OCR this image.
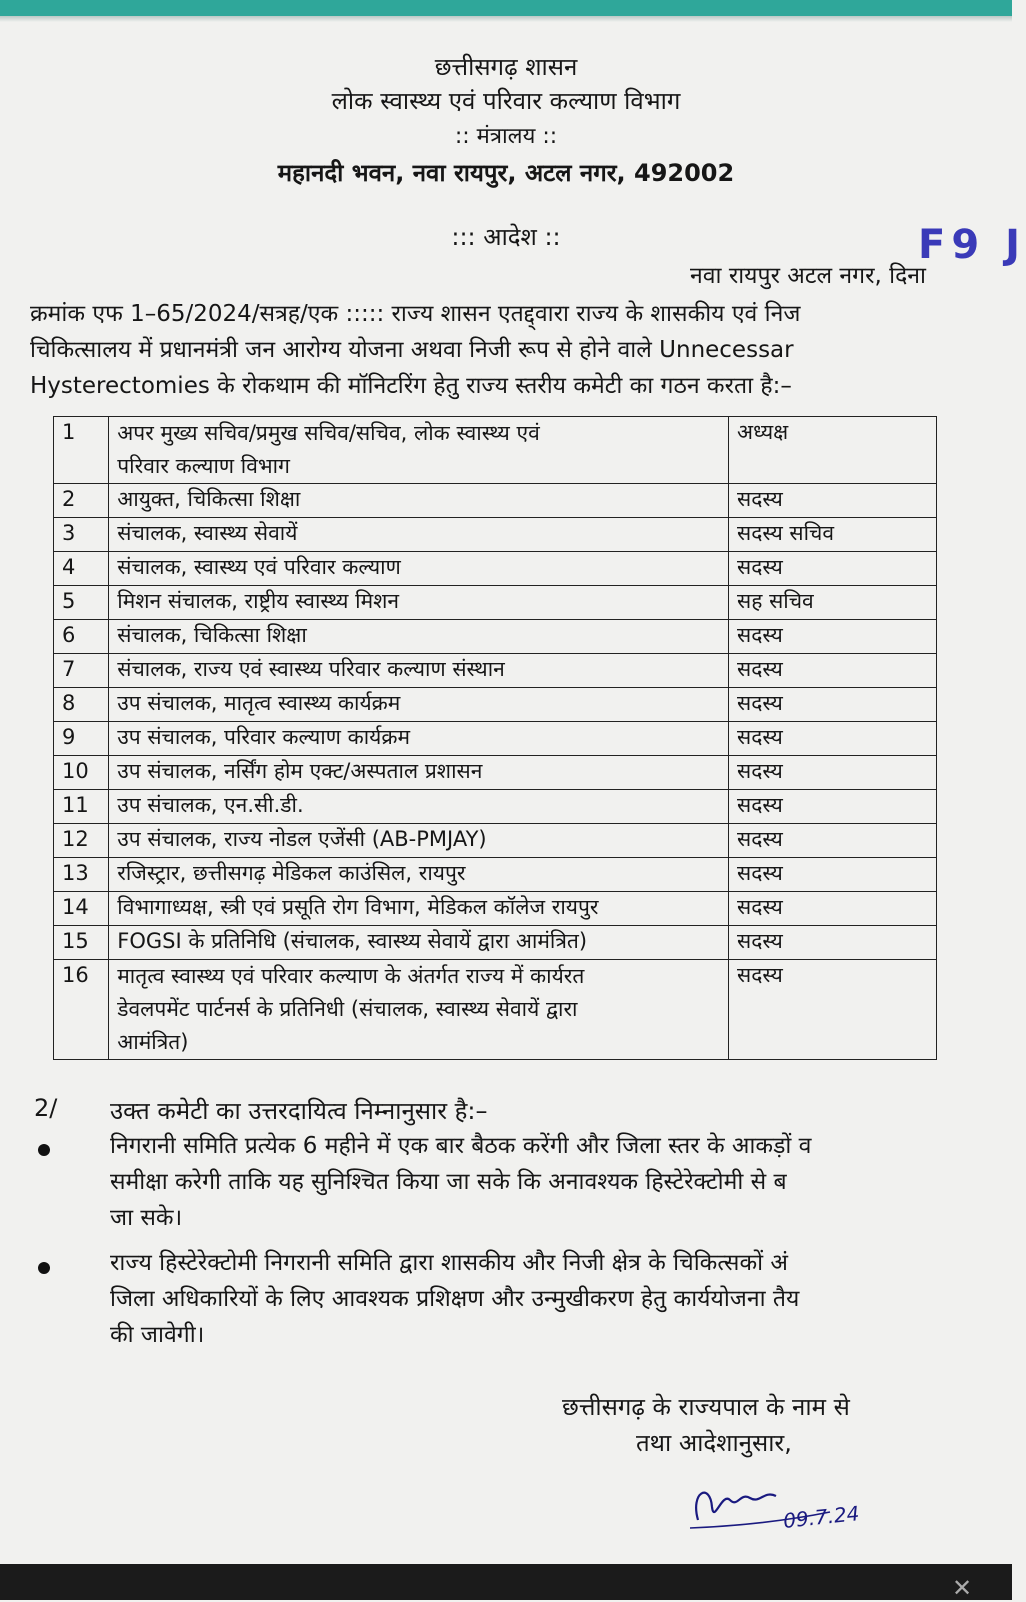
छत्तीसगढ़ शासन
लोक स्वास्थ्य एवं परिवार कल्याण विभाग
:: मंत्रालय ::
महानदी भवन, नवा रायपुर, अटल नगर, 492002
::: आदेश ::	F9 J
नवा रायपुर अटल नगर, दिना
क्रमांक एफ 1–65/2024/सत्रह/एक ::::: राज्य शासन एतद्द्वारा राज्य के शासकीय एवं निज
चिकित्सालय में प्रधानमंत्री जन आरोग्य योजना अथवा निजी रूप से होने वाले Unnecessar
Hysterectomies के रोकथाम की मॉनिटरिंग हेतु राज्य स्तरीय कमेटी का गठन करता है:–
1	अपर मुख्य सचिव/प्रमुख सचिव/सचिव, लोक स्वास्थ्य एवं
परिवार कल्याण विभाग	अध्यक्ष
2	आयुक्त, चिकित्सा शिक्षा	सदस्य
3	संचालक, स्वास्थ्य सेवायें	सदस्य सचिव
4	संचालक, स्वास्थ्य एवं परिवार कल्याण	सदस्य
5	मिशन संचालक, राष्ट्रीय स्वास्थ्य मिशन	सह सचिव
6	संचालक, चिकित्सा शिक्षा	सदस्य
7	संचालक, राज्य एवं स्वास्थ्य परिवार कल्याण संस्थान	सदस्य
8	उप संचालक, मातृत्व स्वास्थ्य कार्यक्रम	सदस्य
9	उप संचालक, परिवार कल्याण कार्यक्रम	सदस्य
10	उप संचालक, नर्सिंग होम एक्ट/अस्पताल प्रशासन	सदस्य
11	उप संचालक, एन.सी.डी.	सदस्य
12	उप संचालक, राज्य नोडल एजेंसी (AB-PMJAY)	सदस्य
13	रजिस्ट्रार, छत्तीसगढ़ मेडिकल काउंसिल, रायपुर	सदस्य
14	विभागाध्यक्ष, स्त्री एवं प्रसूति रोग विभाग, मेडिकल कॉलेज रायपुर	सदस्य
15	FOGSI के प्रतिनिधि (संचालक, स्वास्थ्य सेवायें द्वारा आमंत्रित)	सदस्य
16	मातृत्व स्वास्थ्य एवं परिवार कल्याण के अंतर्गत राज्य में कार्यरत
डेवलपमेंट पार्टनर्स के प्रतिनिधी (संचालक, स्वास्थ्य सेवायें द्वारा
आमंत्रित)	सदस्य
2/ उक्त कमेटी का उत्तरदायित्व निम्नानुसार है:–
निगरानी समिति प्रत्येक 6 महीने में एक बार बैठक करेंगी और जिला स्तर के आकड़ों व
समीक्षा करेगी ताकि यह सुनिश्चित किया जा सके कि अनावश्यक हिस्टेरेक्टोमी से ब
जा सके।
राज्य हिस्टेरेक्टोमी निगरानी समिति द्वारा शासकीय और निजी क्षेत्र के चिकित्सकों अं
जिला अधिकारियों के लिए आवश्यक प्रशिक्षण और उन्मुखीकरण हेतु कार्ययोजना तैय
की जावेगी।
छत्तीसगढ़ के राज्यपाल के नाम से
तथा आदेशानुसार,
09.7.24
✕
